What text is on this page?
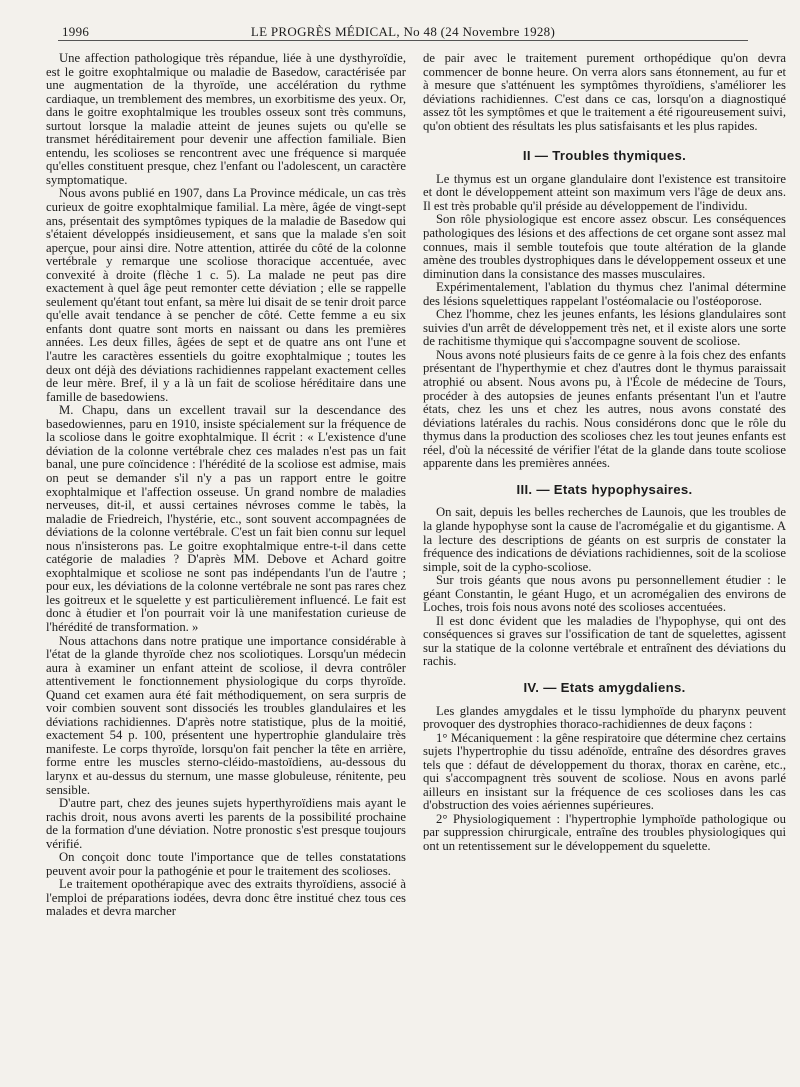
1996	LE PROGRÈS MÉDICAL, No 48 (24 Novembre 1928)

Une affection pathologique très répandue, liée à une dysthyroïdie, est le goitre exophtalmique ou maladie de Basedow, caractérisée par une augmentation de la thyroïde, une accélération du rythme cardiaque, un tremblement des membres, un exorbitisme des yeux. Or, dans le goitre exophtalmique les troubles osseux sont très communs, surtout lorsque la maladie atteint de jeunes sujets ou qu'elle se transmet héréditairement pour devenir une affection familiale. Bien entendu, les scolioses se rencontrent avec une fréquence si marquée qu'elles constituent presque, chez l'enfant ou l'adolescent, un caractère symptomatique.

Nous avons publié en 1907, dans La Province médicale, un cas très curieux de goitre exophtalmique familial. La mère, âgée de vingt-sept ans, présentait des symptômes typiques de la maladie de Basedow qui s'étaient développés insidieusement, et sans que la malade s'en soit aperçue, pour ainsi dire. Notre attention, attirée du côté de la colonne vertébrale y remarque une scoliose thoracique accentuée, avec convexité à droite (flèche 1 c. 5). La malade ne peut pas dire exactement à quel âge peut remonter cette déviation ; elle se rappelle seulement qu'étant tout enfant, sa mère lui disait de se tenir droit parce qu'elle avait tendance à se pencher de côté. Cette femme a eu six enfants dont quatre sont morts en naissant ou dans les premières années. Les deux filles, âgées de sept et de quatre ans ont l'une et l'autre les caractères essentiels du goitre exophtalmique ; toutes les deux ont déjà des déviations rachidiennes rappelant exactement celles de leur mère. Bref, il y a là un fait de scoliose héréditaire dans une famille de basedowiens.

M. Chapu, dans un excellent travail sur la descendance des basedowiennes, paru en 1910, insiste spécialement sur la fréquence de la scoliose dans le goitre exophtalmique. Il écrit : « L'existence d'une déviation de la colonne vertébrale chez ces malades n'est pas un fait banal, une pure coïncidence : l'hérédité de la scoliose est admise, mais on peut se demander s'il n'y a pas un rapport entre le goitre exophtalmique et l'affection osseuse. Un grand nombre de maladies nerveuses, dit-il, et aussi certaines névroses comme le tabès, la maladie de Friedreich, l'hystérie, etc., sont souvent accompagnées de déviations de la colonne vertébrale. C'est un fait bien connu sur lequel nous n'insisterons pas. Le goitre exophtalmique entre-t-il dans cette catégorie de maladies ? D'après MM. Debove et Achard goitre exophtalmique et scoliose ne sont pas indépendants l'un de l'autre ; pour eux, les déviations de la colonne vertébrale ne sont pas rares chez les goitreux et le squelette y est particulièrement influencé. Le fait est donc à étudier et l'on pourrait voir là une manifestation curieuse de l'hérédité de transformation. »

Nous attachons dans notre pratique une importance considérable à l'état de la glande thyroïde chez nos scoliotiques. Lorsqu'un médecin aura à examiner un enfant atteint de scoliose, il devra contrôler attentivement le fonctionnement physiologique du corps thyroïde. Quand cet examen aura été fait méthodiquement, on sera surpris de voir combien souvent sont dissociés les troubles glandulaires et les déviations rachidiennes. D'après notre statistique, plus de la moitié, exactement 54 p. 100, présentent une hypertrophie glandulaire très manifeste. Le corps thyroïde, lorsqu'on fait pencher la tête en arrière, forme entre les muscles sterno-cléido-mastoïdiens, au-dessous du larynx et au-dessus du sternum, une masse globuleuse, rénitente, peu sensible.

D'autre part, chez des jeunes sujets hyperthyroïdiens mais ayant le rachis droit, nous avons averti les parents de la possibilité prochaine de la formation d'une déviation. Notre pronostic s'est presque toujours vérifié.

On conçoit donc toute l'importance que de telles constatations peuvent avoir pour la pathogénie et pour le traitement des scolioses.

Le traitement opothérapique avec des extraits thyroïdiens, associé à l'emploi de préparations iodées, devra donc être institué chez tous ces malades et devra marcher

de pair avec le traitement purement orthopédique qu'on devra commencer de bonne heure. On verra alors sans étonnement, au fur et à mesure que s'atténuent les symptômes thyroïdiens, s'améliorer les déviations rachidiennes. C'est dans ce cas, lorsqu'on a diagnostiqué assez tôt les symptômes et que le traitement a été rigoureusement suivi, qu'on obtient des résultats les plus satisfaisants et les plus rapides.

II — Troubles thymiques.

Le thymus est un organe glandulaire dont l'existence est transitoire et dont le développement atteint son maximum vers l'âge de deux ans. Il est très probable qu'il préside au développement de l'individu.

Son rôle physiologique est encore assez obscur. Les conséquences pathologiques des lésions et des affections de cet organe sont assez mal connues, mais il semble toutefois que toute altération de la glande amène des troubles dystrophiques dans le développement osseux et une diminution dans la consistance des masses musculaires.

Expérimentalement, l'ablation du thymus chez l'animal détermine des lésions squelettiques rappelant l'ostéomalacie ou l'ostéoporose.

Chez l'homme, chez les jeunes enfants, les lésions glandulaires sont suivies d'un arrêt de développement très net, et il existe alors une sorte de rachitisme thymique qui s'accompagne souvent de scoliose.

Nous avons noté plusieurs faits de ce genre à la fois chez des enfants présentant de l'hyperthymie et chez d'autres dont le thymus paraissait atrophié ou absent. Nous avons pu, à l'École de médecine de Tours, procéder à des autopsies de jeunes enfants présentant l'un et l'autre états, chez les uns et chez les autres, nous avons constaté des déviations latérales du rachis. Nous considérons donc que le rôle du thymus dans la production des scolioses chez les tout jeunes enfants est réel, d'où la nécessité de vérifier l'état de la glande dans toute scoliose apparente dans les premières années.

III. — Etats hypophysaires.

On sait, depuis les belles recherches de Launois, que les troubles de la glande hypophyse sont la cause de l'acromégalie et du gigantisme. A la lecture des descriptions de géants on est surpris de constater la fréquence des indications de déviations rachidiennes, soit de la scoliose simple, soit de la cypho-scoliose.

Sur trois géants que nous avons pu personnellement étudier : le géant Constantin, le géant Hugo, et un acromégalien des environs de Loches, trois fois nous avons noté des scolioses accentuées.

Il est donc évident que les maladies de l'hypophyse, qui ont des conséquences si graves sur l'ossification de tant de squelettes, agissent sur la statique de la colonne vertébrale et entraînent des déviations du rachis.

IV. — Etats amygdaliens.

Les glandes amygdales et le tissu lymphoïde du pharynx peuvent provoquer des dystrophies thoraco-rachidiennes de deux façons :

1° Mécaniquement : la gêne respiratoire que détermine chez certains sujets l'hypertrophie du tissu adénoïde, entraîne des désordres graves tels que : défaut de développement du thorax, thorax en carène, etc., qui s'accompagnent très souvent de scoliose. Nous en avons parlé ailleurs en insistant sur la fréquence de ces scolioses dans les cas d'obstruction des voies aériennes supérieures.

2° Physiologiquement : l'hypertrophie lymphoïde pathologique ou par suppression chirurgicale, entraîne des troubles physiologiques qui ont un retentissement sur le développement du squelette.
